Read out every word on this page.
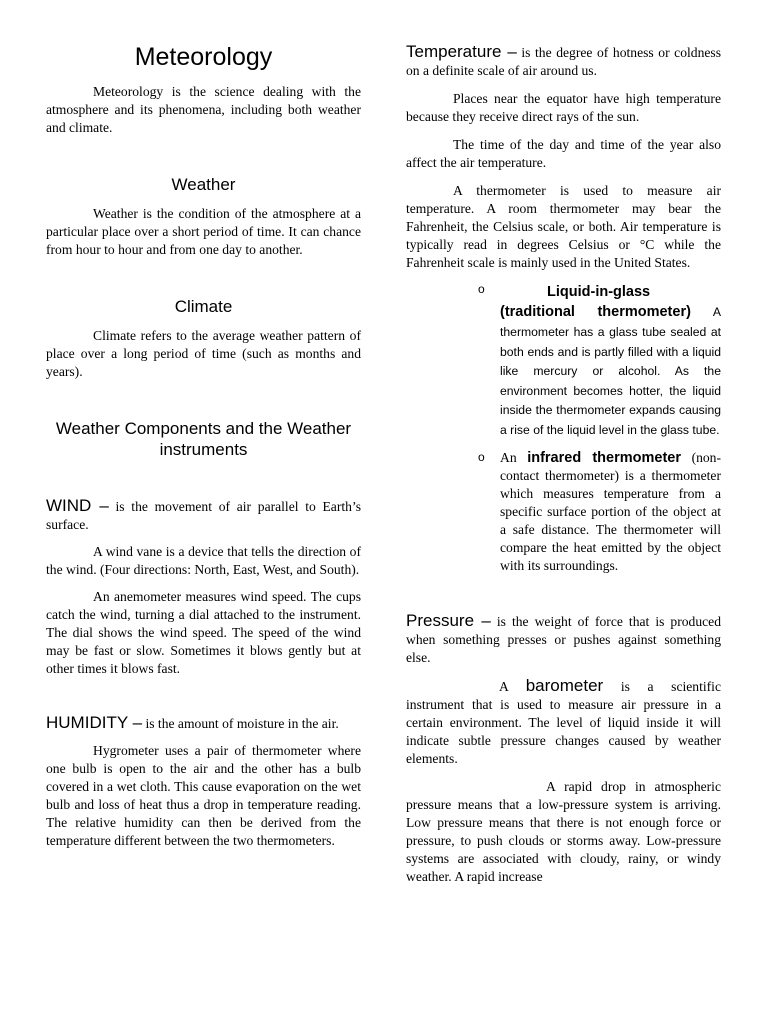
Meteorology

Meteorology is the science dealing with the atmosphere and its phenomena, including both weather and climate.

Weather

Weather is the condition of the atmosphere at a particular place over a short period of time. It can chance from hour to hour and from one day to another.

Climate

Climate refers to the average weather pattern of place over a long period of time (such as months and years).

Weather Components and the Weather instruments

WIND – is the movement of air parallel to Earth’s surface.

A wind vane is a device that tells the direction of the wind. (Four directions: North, East, West, and South).

An anemometer measures wind speed. The cups catch the wind, turning a dial attached to the instrument. The dial shows the wind speed. The speed of the wind may be fast or slow. Sometimes it blows gently but at other times it blows fast.

HUMIDITY – is the amount of moisture in the air.

Hygrometer uses a pair of thermometer where one bulb is open to the air and the other has a bulb covered in a wet cloth. This cause evaporation on the wet bulb and loss of heat thus a drop in temperature reading. The relative humidity can then be derived from the temperature different between the two thermometers.

Temperature – is the degree of hotness or coldness on a definite scale of air around us.

Places near the equator have high temperature because they receive direct rays of the sun.

The time of the day and time of the year also affect the air temperature.

A thermometer is used to measure air temperature. A room thermometer may bear the Fahrenheit, the Celsius scale, or both. Air temperature is typically read in degrees Celsius or °C while the Fahrenheit scale is mainly used in the United States.

o	Liquid-in-glass (traditional thermometer) A thermometer has a glass tube sealed at both ends and is partly filled with a liquid like mercury or alcohol. As the environment becomes hotter, the liquid inside the thermometer expands causing a rise of the liquid level in the glass tube.

o An infrared thermometer (non-contact thermometer) is a thermometer which measures temperature from a specific surface portion of the object at a safe distance. The thermometer will compare the heat emitted by the object with its surroundings.

Pressure – is the weight of force that is produced when something presses or pushes against something else.

A barometer is a scientific instrument that is used to measure air pressure in a certain environment. The level of liquid inside it will indicate subtle pressure changes caused by weather elements.

A rapid drop in atmospheric pressure means that a low-pressure system is arriving. Low pressure means that there is not enough force or pressure, to push clouds or storms away. Low-pressure systems are associated with cloudy, rainy, or windy weather. A rapid increase
